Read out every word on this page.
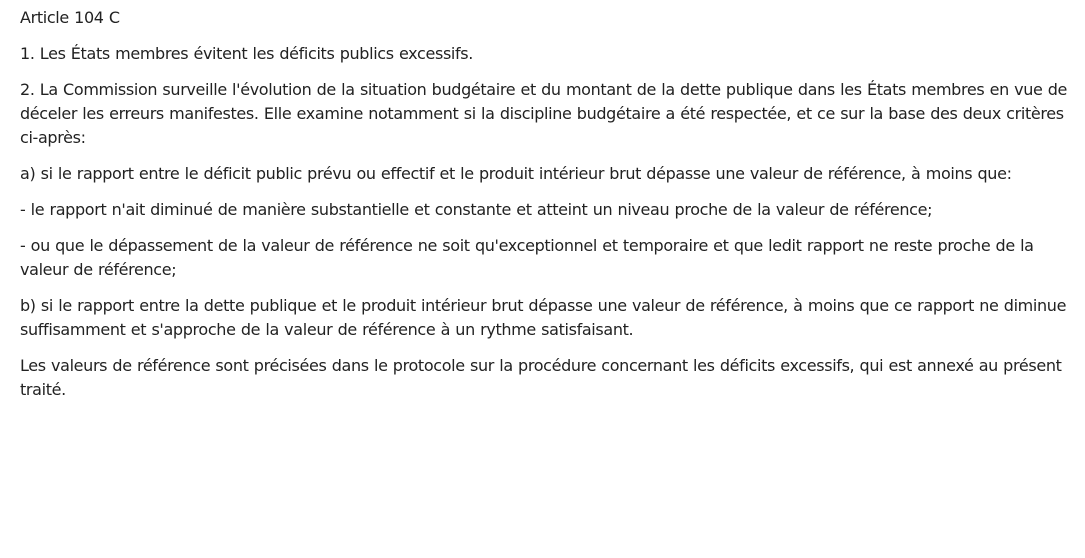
Article 104 C

1. Les États membres évitent les déficits publics excessifs.

2. La Commission surveille l'évolution de la situation budgétaire et du montant de la dette publique dans les États membres en vue de déceler les erreurs manifestes. Elle examine notamment si la discipline budgétaire a été respectée, et ce sur la base des deux critères ci-après:

a) si le rapport entre le déficit public prévu ou effectif et le produit intérieur brut dépasse une valeur de référence, à moins que:

- le rapport n'ait diminué de manière substantielle et constante et atteint un niveau proche de la valeur de référence;

- ou que le dépassement de la valeur de référence ne soit qu'exceptionnel et temporaire et que ledit rapport ne reste proche de la valeur de référence;

b) si le rapport entre la dette publique et le produit intérieur brut dépasse une valeur de référence, à moins que ce rapport ne diminue suffisamment et s'approche de la valeur de référence à un rythme satisfaisant.

Les valeurs de référence sont précisées dans le protocole sur la procédure concernant les déficits excessifs, qui est annexé au présent traité.
